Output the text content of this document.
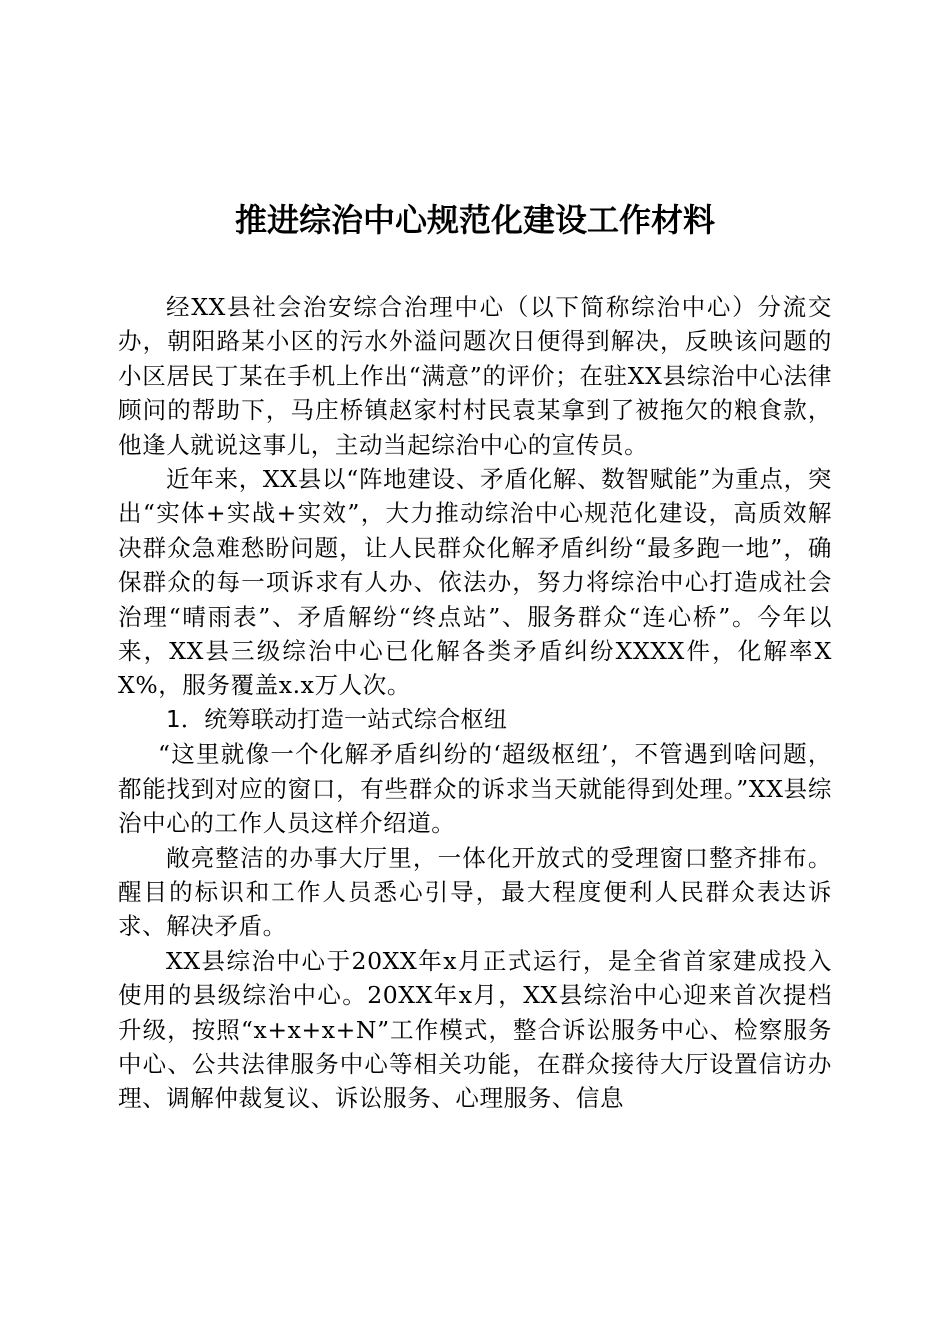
推进综治中心规范化建设工作材料

经XX县社会治安综合治理中心（以下简称综治中心）分流交办，朝阳路某小区的污水外溢问题次日便得到解决，反映该问题的小区居民丁某在手机上作出“满意”的评价；在驻XX县综治中心法律顾问的帮助下，马庄桥镇赵家村村民袁某拿到了被拖欠的粮食款，他逢人就说这事儿，主动当起综治中心的宣传员。

近年来，XX县以“阵地建设、矛盾化解、数智赋能”为重点，突出“实体+实战+实效”，大力推动综治中心规范化建设，高质效解决群众急难愁盼问题，让人民群众化解矛盾纠纷“最多跑一地”，确保群众的每一项诉求有人办、依法办，努力将综治中心打造成社会治理“晴雨表”、矛盾解纷“终点站”、服务群众“连心桥”。今年以来，XX县三级综治中心已化解各类矛盾纠纷XXXX件，化解率XX%，服务覆盖x.x万人次。

1．统筹联动打造一站式综合枢纽

“这里就像一个化解矛盾纠纷的‘超级枢纽’，不管遇到啥问题，都能找到对应的窗口，有些群众的诉求当天就能得到处理。”XX县综治中心的工作人员这样介绍道。

敞亮整洁的办事大厅里，一体化开放式的受理窗口整齐排布。醒目的标识和工作人员悉心引导，最大程度便利人民群众表达诉求、解决矛盾。

XX县综治中心于20XX年x月正式运行，是全省首家建成投入使用的县级综治中心。20XX年x月，XX县综治中心迎来首次提档升级，按照“x+x+x+N”工作模式，整合诉讼服务中心、检察服务中心、公共法律服务中心等相关功能，在群众接待大厅设置信访办理、调解仲裁复议、诉讼服务、心理服务、信息
